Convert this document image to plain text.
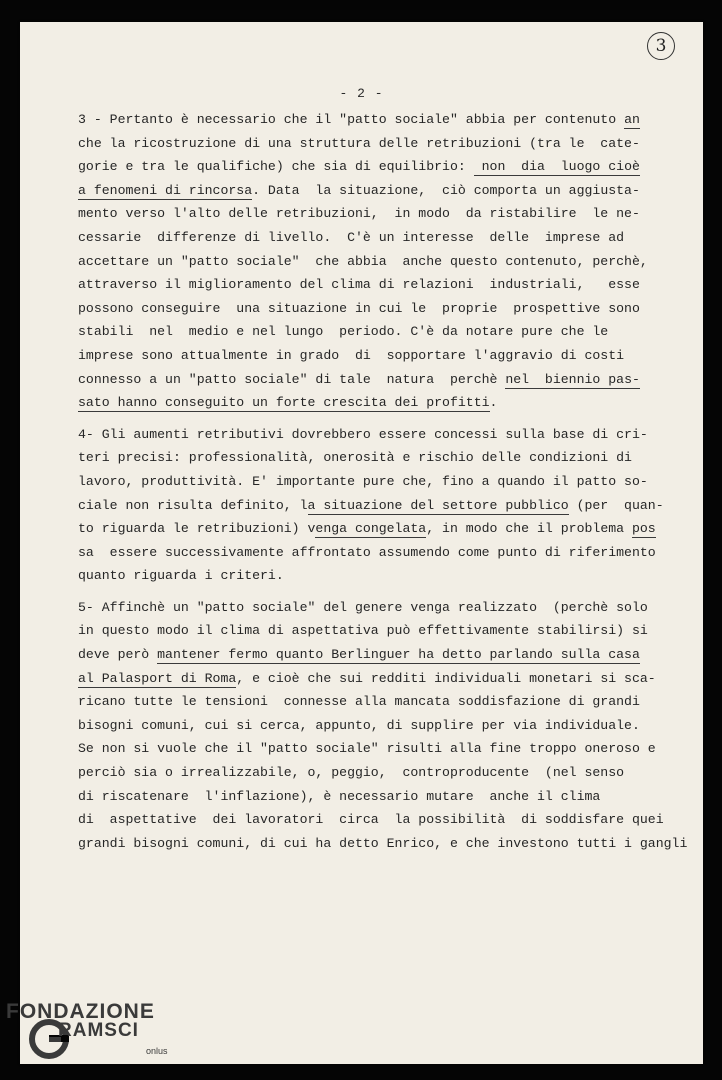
3
- 2 -
3 - Pertanto è necessario che il "patto sociale" abbia per contenuto an
che la ricostruzione di una struttura delle retribuzioni (tra le  cate-
gorie e tra le qualifiche) che sia di equilibrio:  non  dia  luogo cioè
a fenomeni di rincorsa. Data  la situazione,  ciò comporta un aggiusta-
mento verso l'alto delle retribuzioni,  in modo  da ristabilire  le ne-
cessarie  differenze di livello.  C'è un interesse  delle  imprese ad
accettare un "patto sociale"  che abbia  anche questo contenuto, perchè,
attraverso il miglioramento del clima di relazioni  industriali,   esse
possono conseguire  una situazione in cui le  proprie  prospettive sono
stabili  nel  medio e nel lungo  periodo. C'è da notare pure che le
imprese sono attualmente in grado  di  sopportare l'aggravio di costi
connesso a un "patto sociale" di tale  natura  perchè nel  biennio pas-
sato hanno conseguito un forte crescita dei profitti.
4- Gli aumenti retributivi dovrebbero essere concessi sulla base di cri-
teri precisi: professionalità, onerosità e rischio delle condizioni di
lavoro, produttività. E' importante pure che, fino a quando il patto so-
ciale non risulta definito, la situazione del settore pubblico (per  quan-
to riguarda le retribuzioni) venga congelata, in modo che il problema pos
sa  essere successivamente affrontato assumendo come punto di riferimento
quanto riguarda i criteri.
5- Affinchè un "patto sociale" del genere venga realizzato  (perchè solo
in questo modo il clima di aspettativa può effettivamente stabilirsi) si
deve però mantener fermo quanto Berlinguer ha detto parlando sulla casa
al Palasport di Roma, e cioè che sui redditi individuali monetari si sca-
ricano tutte le tensioni  connesse alla mancata soddisfazione di grandi
bisogni comuni, cui si cerca, appunto, di supplire per via individuale.
Se non si vuole che il "patto sociale" risulti alla fine troppo oneroso e
perciò sia o irrealizzabile, o, peggio,  controproducente  (nel senso
di riscatenare  l'inflazione), è necessario mutare  anche il clima
di  aspettative  dei lavoratori  circa  la possibilità  di soddisfare quei
grandi bisogni comuni, di cui ha detto Enrico, e che investono tutti i gangli
FONDAZIONE
RAMSCI
onlus
